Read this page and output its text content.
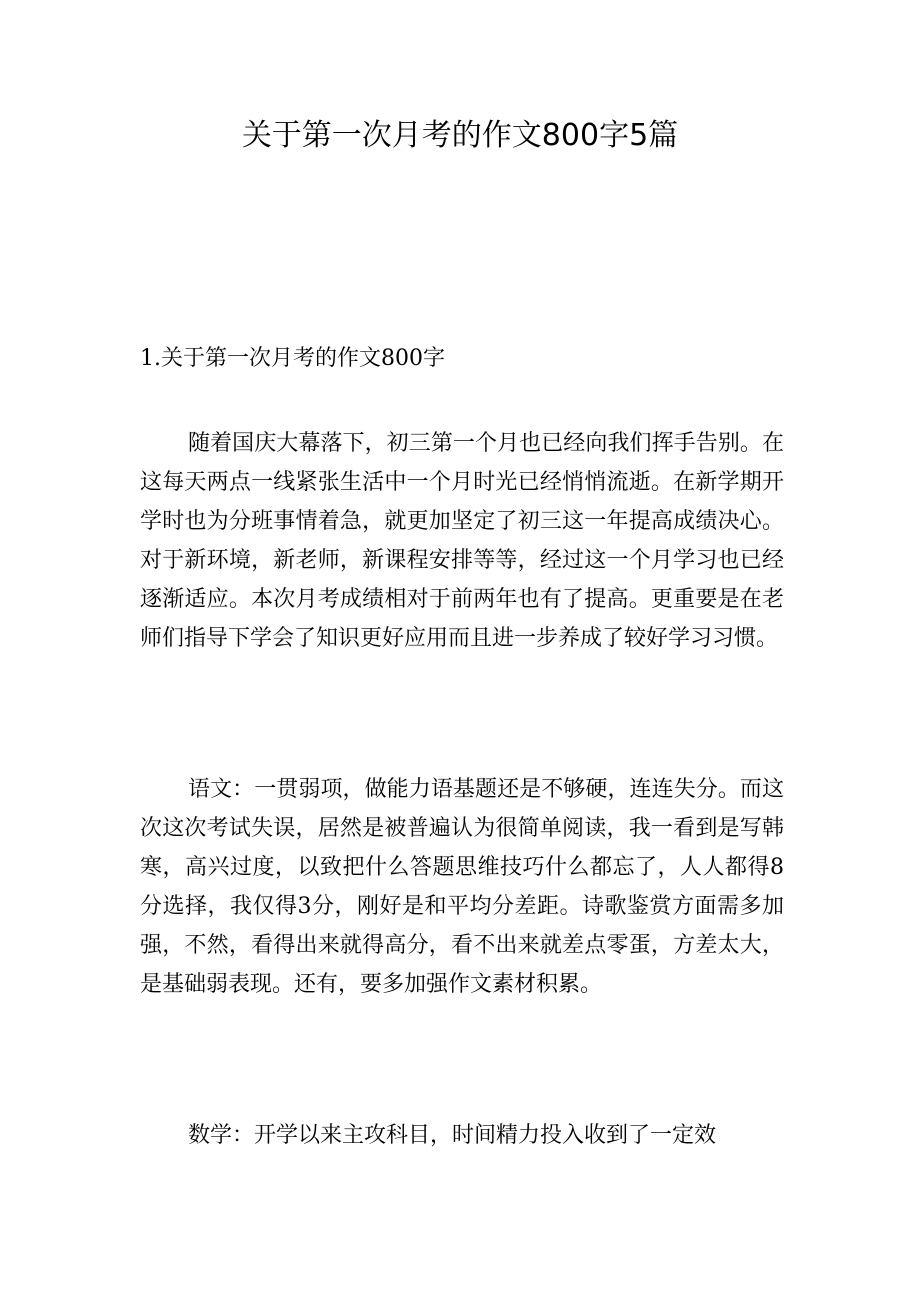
关于第一次月考的作文800字5篇
1.关于第一次月考的作文800字

随着国庆大幕落下，初三第一个月也已经向我们挥手告别。在这每天两点一线紧张生活中一个月时光已经悄悄流逝。在新学期开学时也为分班事情着急，就更加坚定了初三这一年提高成绩决心。对于新环境，新老师，新课程安排等等，经过这一个月学习也已经逐渐适应。本次月考成绩相对于前两年也有了提高。更重要是在老师们指导下学会了知识更好应用而且进一步养成了较好学习习惯。

语文：一贯弱项，做能力语基题还是不够硬，连连失分。而这次这次考试失误，居然是被普遍认为很简单阅读，我一看到是写韩寒，高兴过度，以致把什么答题思维技巧什么都忘了，人人都得8分选择，我仅得3分，刚好是和平均分差距。诗歌鉴赏方面需多加强，不然，看得出来就得高分，看不出来就差点零蛋，方差太大，是基础弱表现。还有，要多加强作文素材积累。

数学：开学以来主攻科目，时间精力投入收到了一定效
